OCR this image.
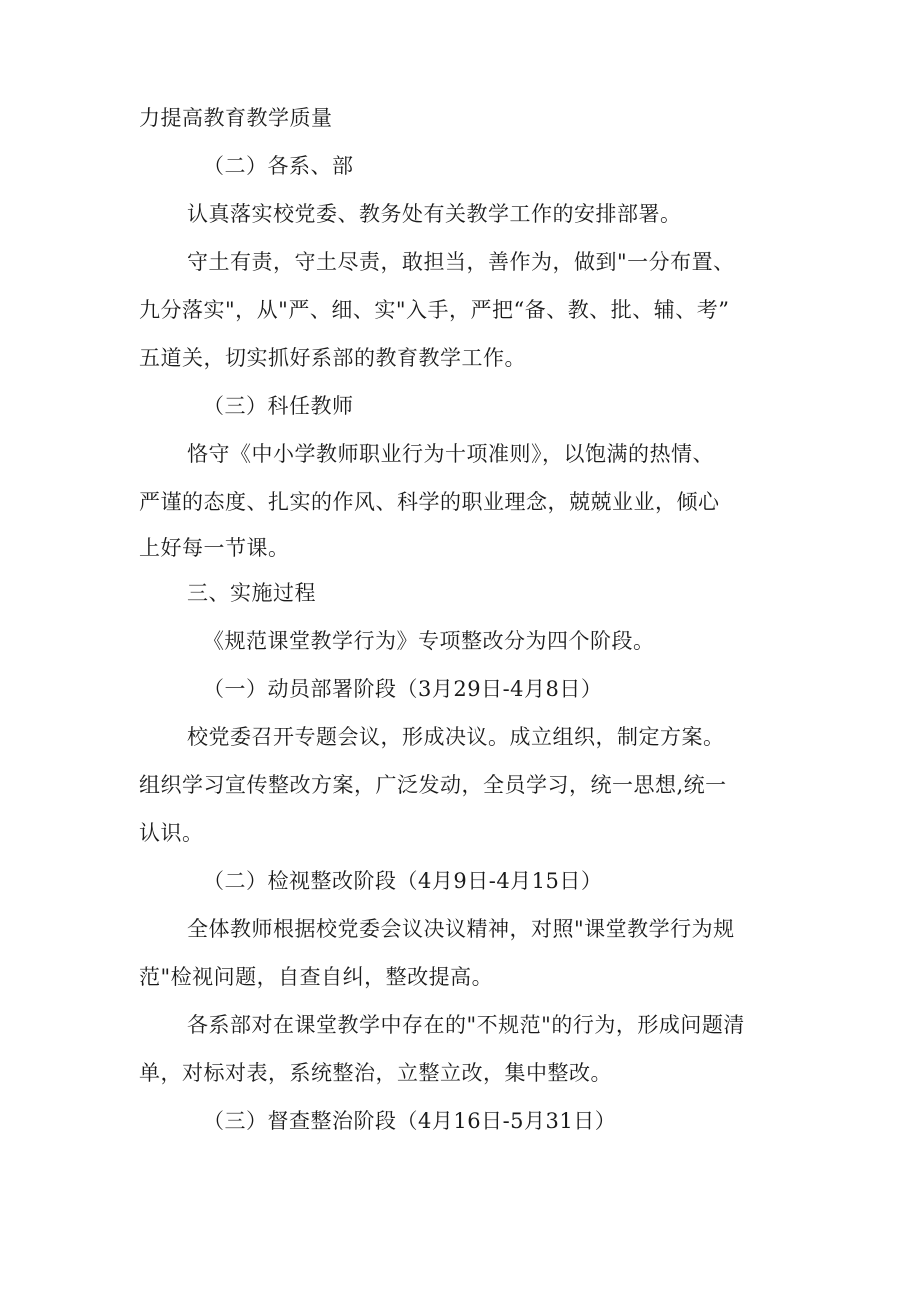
力提高教育教学质量
（二）各系、部
认真落实校党委、教务处有关教学工作的安排部署。
守土有责，守土尽责，敢担当，善作为，做到"一分布置、
九分落实"，从"严、细、实"入手，严把“备、教、批、辅、考”
五道关，切实抓好系部的教育教学工作。
（三）科任教师
恪守《中小学教师职业行为十项准则》，以饱满的热情、
严谨的态度、扎实的作风、科学的职业理念，兢兢业业，倾心
上好每一节课。
三、实施过程
《规范课堂教学行为》专项整改分为四个阶段。
（一）动员部署阶段（3月29日-4月8日）
校党委召开专题会议，形成决议。成立组织，制定方案。
组织学习宣传整改方案，广泛发动，全员学习，统一思想,统一
认识。
（二）检视整改阶段（4月9日-4月15日）
全体教师根据校党委会议决议精神，对照"课堂教学行为规
范"检视问题，自查自纠，整改提高。
各系部对在课堂教学中存在的"不规范"的行为，形成问题清
单，对标对表，系统整治，立整立改，集中整改。
（三）督查整治阶段（4月16日-5月31日）
